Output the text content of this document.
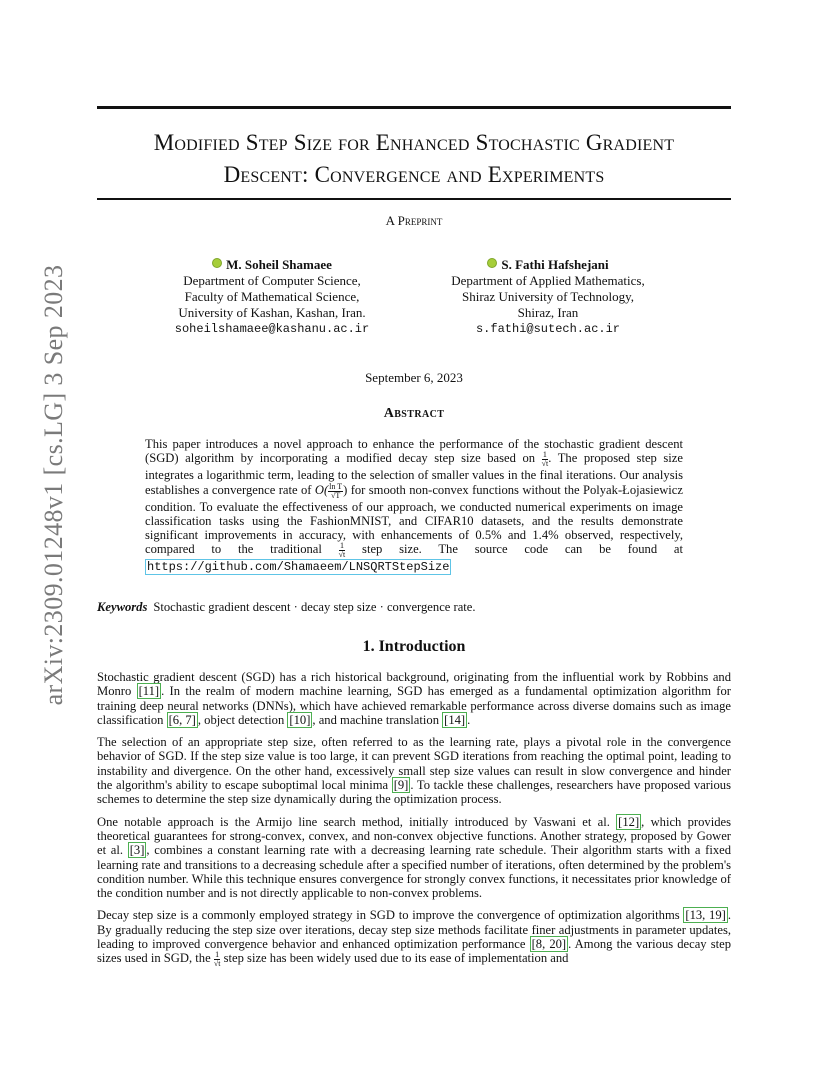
arXiv:2309.01248v1 [cs.LG] 3 Sep 2023
Modified Step Size for Enhanced Stochastic Gradient
Descent: Convergence and Experiments
A Preprint
M. Soheil Shamaee
Department of Computer Science,
Faculty of Mathematical Science,
University of Kashan, Kashan, Iran.
soheilshamaee@kashanu.ac.ir
S. Fathi Hafshejani
Department of Applied Mathematics,
Shiraz University of Technology,
Shiraz, Iran
s.fathi@sutech.ac.ir
September 6, 2023
Abstract

This paper introduces a novel approach to enhance the performance of the stochastic gradient descent (SGD) algorithm by incorporating a modified decay step size based on $\frac{1}{√t}$ . The proposed step size integrates a logarithmic term, leading to the selection of smaller values in the final iterations. Our analysis establishes a convergence rate of $O( \frac{\text{ln T}}{√T}$ ) for smooth non-convex functions without the Polyak-Łojasiewicz condition. To evaluate the effectiveness of our approach, we conducted numerical experiments on image classification tasks using the FashionMNIST, and CIFAR10 datasets, and the results demonstrate significant improvements in accuracy, with enhancements of 0.5% and 1.4% observed, respectively, compared to the traditional $\frac{1}{√t}$ step size. The source code can be found at https://github.com/Shamaeem/LNSQRTStepSize

Keywords Stochastic gradient descent · decay step size · convergence rate.
1. Introduction

Stochastic gradient descent (SGD) has a rich historical background, originating from the influential work by Robbins and Monro [11] . In the realm of modern machine learning, SGD has emerged as a fundamental optimization algorithm for training deep neural networks (DNNs), which have achieved remarkable performance across diverse domains such as image classification [6, 7] , object detection [10] , and machine translation [14] .

The selection of an appropriate step size, often referred to as the learning rate, plays a pivotal role in the convergence behavior of SGD. If the step size value is too large, it can prevent SGD iterations from reaching the optimal point, leading to instability and divergence. On the other hand, excessively small step size values can result in slow convergence and hinder the algorithm's ability to escape suboptimal local minima [9] . To tackle these challenges, researchers have proposed various schemes to determine the step size dynamically during the optimization process.

One notable approach is the Armijo line search method, initially introduced by Vaswani et al. [12] , which provides theoretical guarantees for strong-convex, convex, and non-convex objective functions. Another strategy, proposed by Gower et al. [3] , combines a constant learning rate with a decreasing learning rate schedule. Their algorithm starts with a fixed learning rate and transitions to a decreasing schedule after a specified number of iterations, often determined by the problem's condition number. While this technique ensures convergence for strongly convex functions, it necessitates prior knowledge of the condition number and is not directly applicable to non-convex problems.

Decay step size is a commonly employed strategy in SGD to improve the convergence of optimization algorithms [13, 19] . By gradually reducing the step size over iterations, decay step size methods facilitate finer adjustments in parameter updates, leading to improved convergence behavior and enhanced optimization performance [8, 20] . Among the various decay step sizes used in SGD, the $\frac{1}{√t}$ step size has been widely used due to its ease of implementation and
